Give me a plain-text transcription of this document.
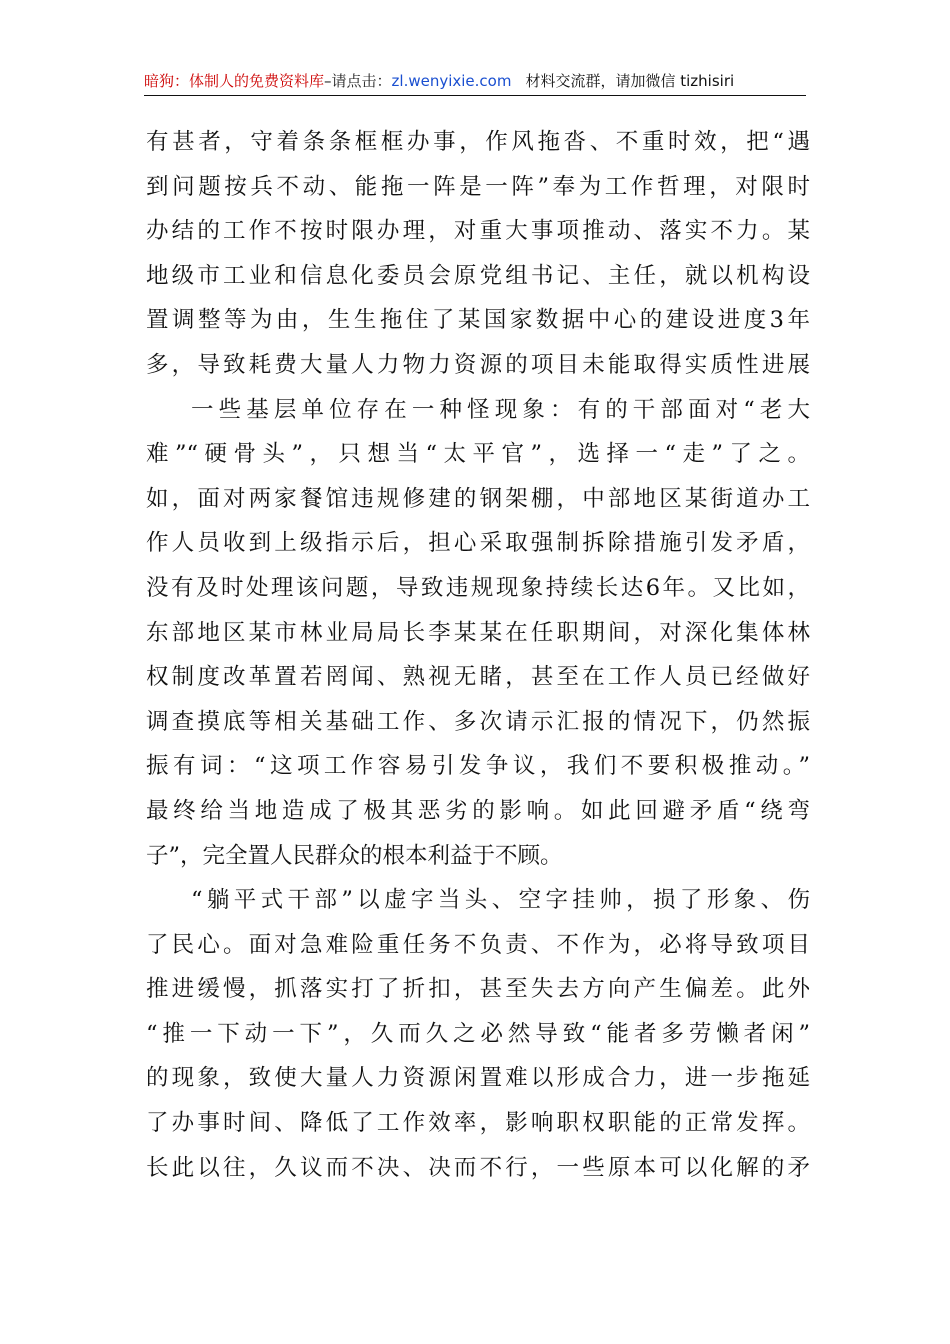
暗狗：体制人的免费资料库–请点击：zl.wenyixie.com 材料交流群，请加微信 tizhisiri
有甚者，守着条条框框办事，作风拖沓、不重时效，把“遇
到问题按兵不动、能拖一阵是一阵”奉为工作哲理，对限时
办结的工作不按时限办理，对重大事项推动、落实不力。某
地级市工业和信息化委员会原党组书记、主任，就以机构设
置调整等为由，生生拖住了某国家数据中心的建设进度3年
多，导致耗费大量人力物力资源的项目未能取得实质性进展
一些基层单位存在一种怪现象：有的干部面对“老大
难”“硬骨头”，只想当“太平官”，选择一“走”了之。
如，面对两家餐馆违规修建的钢架棚，中部地区某街道办工
作人员收到上级指示后，担心采取强制拆除措施引发矛盾，
没有及时处理该问题，导致违规现象持续长达6年。又比如，
东部地区某市林业局局长李某某在任职期间，对深化集体林
权制度改革置若罔闻、熟视无睹，甚至在工作人员已经做好
调查摸底等相关基础工作、多次请示汇报的情况下，仍然振
振有词：“这项工作容易引发争议，我们不要积极推动。”
最终给当地造成了极其恶劣的影响。如此回避矛盾“绕弯
子”，完全置人民群众的根本利益于不顾。
“躺平式干部”以虚字当头、空字挂帅，损了形象、伤
了民心。面对急难险重任务不负责、不作为，必将导致项目
推进缓慢，抓落实打了折扣，甚至失去方向产生偏差。此外
“推一下动一下”，久而久之必然导致“能者多劳懒者闲”
的现象，致使大量人力资源闲置难以形成合力，进一步拖延
了办事时间、降低了工作效率，影响职权职能的正常发挥。
长此以往，久议而不决、决而不行，一些原本可以化解的矛
